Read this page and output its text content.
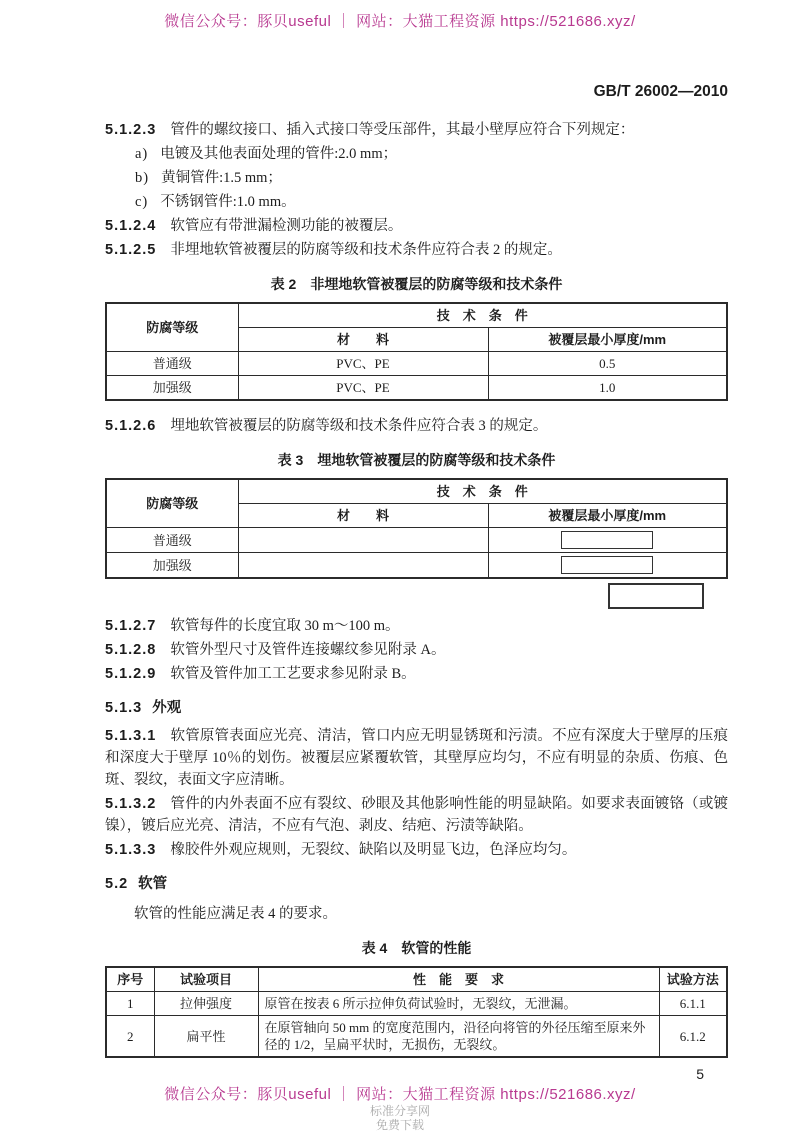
微信公众号：豚贝useful ｜ 网站：大猫工程资源 https://521686.xyz/
GB/T 26002—2010

5.1.2.3 管件的螺纹接口、插入式接口等受压部件，其最小壁厚应符合下列规定：

a) 电镀及其他表面处理的管件:2.0 mm；

b) 黄铜管件:1.5 mm；

c) 不锈钢管件:1.0 mm。

5.1.2.4 软管应有带泄漏检测功能的被覆层。

5.1.2.5 非埋地软管被覆层的防腐等级和技术条件应符合表 2 的规定。

表 2　非埋地软管被覆层的防腐等级和技术条件
防腐等级	技　术　条　件	
	材　　料	被覆层最小厚度/mm
普通级	PVC、PE	0.5
加强级	PVC、PE	1.0

5.1.2.6 埋地软管被覆层的防腐等级和技术条件应符合表 3 的规定。

表 3　埋地软管被覆层的防腐等级和技术条件
防腐等级	技　术　条　件	
	材　　料	被覆层最小厚度/mm
普通级		

加强级		

5.1.2.7 软管每件的长度宜取 30 m～100 m。

5.1.2.8 软管外型尺寸及管件连接螺纹参见附录 A。

5.1.2.9 软管及管件加工工艺要求参见附录 B。

5.1.3 外观

5.1.3.1 软管原管表面应光亮、清洁，管口内应无明显锈斑和污渍。不应有深度大于壁厚的压痕和深度大于壁厚 10％的划伤。被覆层应紧覆软管，其壁厚应均匀，不应有明显的杂质、伤痕、色斑、裂纹，表面文字应清晰。

5.1.3.2 管件的内外表面不应有裂纹、砂眼及其他影响性能的明显缺陷。如要求表面镀铬（或镀镍），镀后应光亮、清洁，不应有气泡、剥皮、结疤、污渍等缺陷。

5.1.3.3 橡胶件外观应规则，无裂纹、缺陷以及明显飞边，色泽应均匀。

5.2 软管

软管的性能应满足表 4 的要求。

表 4　软管的性能
序号	试验项目	性　能　要　求	试验方法
1	拉伸强度	原管在按表 6 所示拉伸负荷试验时，无裂纹，无泄漏。	6.1.1
2	扁平性	在原管轴向 50 mm 的宽度范围内，沿径向将管的外径压缩至原来外径的 1/2，呈扁平状时，无损伤，无裂纹。	6.1.2
5
微信公众号：豚贝useful ｜ 网站：大猫工程资源 https://521686.xyz/
标准分享网
免费下载
